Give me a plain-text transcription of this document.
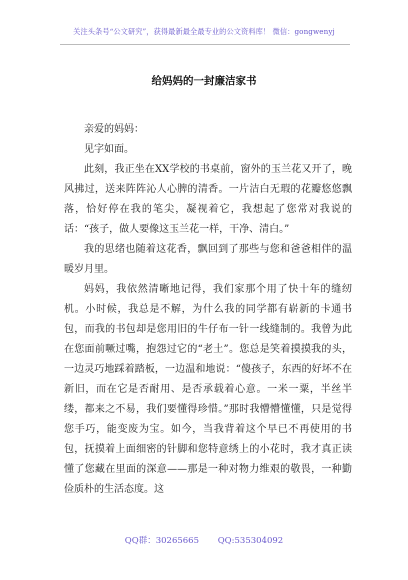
关注头条号“公文研究”，获得最新最全最专业的公文资料库！ 微信：gongwenyj
给妈妈的一封廉洁家书
亲爱的妈妈：
见字如面。

此刻，我正坐在XX学校的书桌前，窗外的玉兰花又开了，晚风拂过，送来阵阵沁人心脾的清香。一片洁白无瑕的花瓣悠悠飘落，恰好停在我的笔尖，凝视着它，我想起了您常对我说的话：“孩子，做人要像这玉兰花一样，干净、清白。”

我的思绪也随着这花香，飘回到了那些与您和爸爸相伴的温暖岁月里。

妈妈，我依然清晰地记得，我们家那个用了快十年的缝纫机。小时候，我总是不解，为什么我的同学都有崭新的卡通书包，而我的书包却是您用旧的牛仔布一针一线缝制的。我曾为此在您面前噘过嘴，抱怨过它的“老土”。您总是笑着摸摸我的头，一边灵巧地踩着踏板，一边温和地说：“傻孩子，东西的好坏不在新旧，而在它是否耐用、是否承载着心意。一米一粟，半丝半缕，都来之不易，我们要懂得珍惜。”那时我懵懵懂懂，只是觉得您手巧，能变废为宝。如今，当我背着这个早已不再使用的书包，抚摸着上面细密的针脚和您特意绣上的小花时，我才真正读懂了您藏在里面的深意——那是一种对物力维艰的敬畏，一种勤俭质朴的生活态度。这

QQ群：30265665 QQ:535304092
